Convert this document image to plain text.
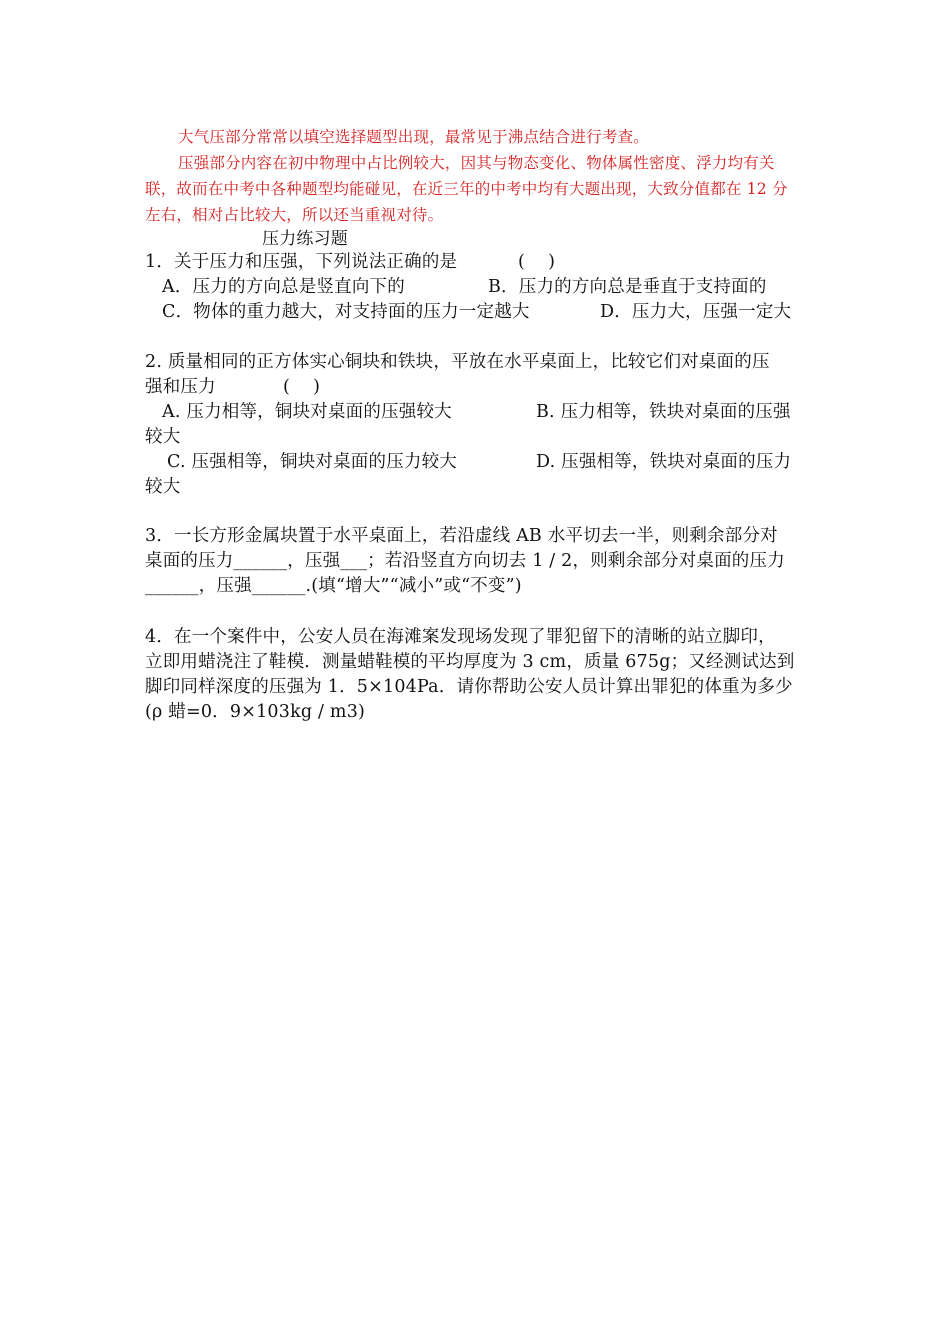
大气压部分常常以填空选择题型出现，最常见于沸点结合进行考查。
压强部分内容在初中物理中占比例较大，因其与物态变化、物体属性密度、浮力均有关
联，故而在中考中各种题型均能碰见，在近三年的中考中均有大题出现，大致分值都在 12 分
左右，相对占比较大，所以还当重视对待。
压力练习题
1．关于压力和压强，下列说法正确的是	(    )
A．压力的方向总是竖直向下的	B．压力的方向总是垂直于支持面的
C．物体的重力越大，对支持面的压力一定越大	D．压力大，压强一定大
2. 质量相同的正方体实心铜块和铁块，平放在水平桌面上，比较它们对桌面的压
强和压力	(    )
A. 压力相等，铜块对桌面的压强较大	B. 压力相等，铁块对桌面的压强
较大
C. 压强相等，铜块对桌面的压力较大	D. 压强相等，铁块对桌面的压力
较大
3．一长方形金属块置于水平桌面上，若沿虚线 AB 水平切去一半，则剩余部分对
桌面的压力______，压强___；若沿竖直方向切去 1 / 2，则剩余部分对桌面的压力
______，压强______.(填“增大”“减小”或“不变”)
4．在一个案件中，公安人员在海滩案发现场发现了罪犯留下的清晰的站立脚印，
立即用蜡浇注了鞋模．测量蜡鞋模的平均厚度为 3 cm，质量 675g；又经测试达到
脚印同样深度的压强为 1．5×104Pa．请你帮助公安人员计算出罪犯的体重为多少
(ρ 蜡=0．9×103kg / m3)
